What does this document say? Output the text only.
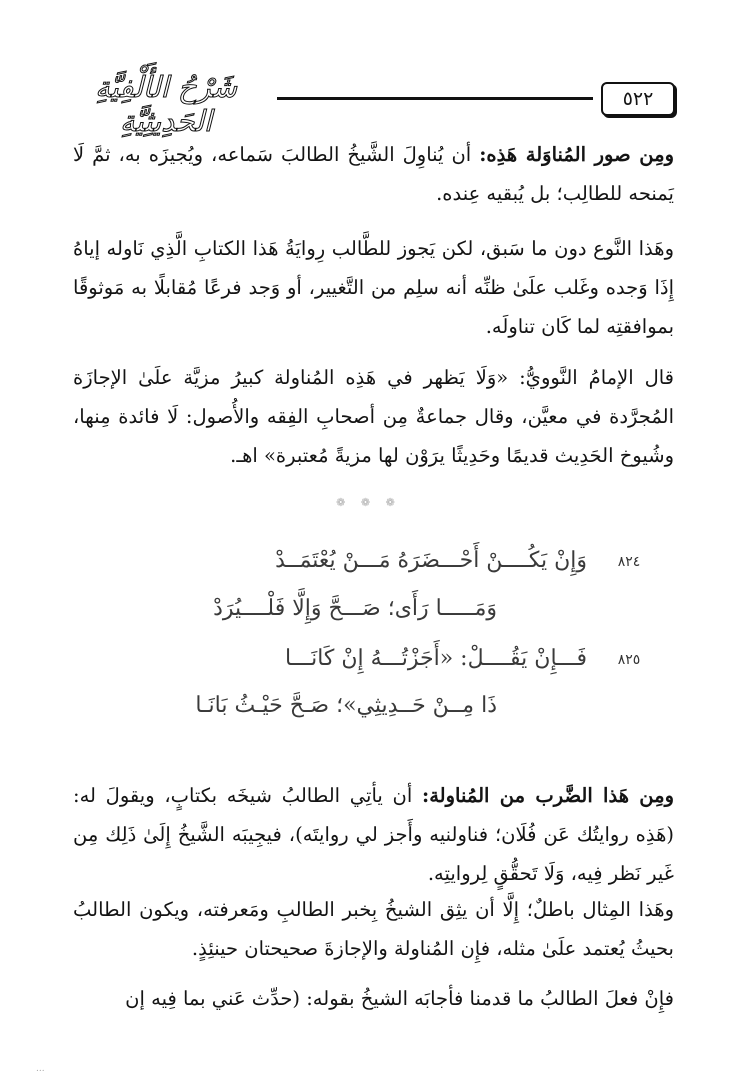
٥٢٢
شَرْحُ الأَلْفِيَّةِ الحَدِيثِيَّةِ

ومِن صور المُناوَلة هَذِه: أن يُناوِلَ الشَّيخُ الطالبَ سَماعه، ويُجيزَه به، ثمَّ لَا يَمنحه للطالِب؛ بل يُبقيه عِنده.

وهَذا النَّوع دون ما سَبق، لكن يَجوز للطَّالب رِوايَةُ هَذا الكتابِ الَّذِي نَاوله إياهُ إِذَا وَجده وغَلب علَىٰ ظنِّه أنه سلِم من التَّغيير، أو وَجد فرعًا مُقابلًا به مَوثوقًا بموافقتِه لما كَان تناولَه.

قال الإمامُ النَّوويُّ: «وَلَا يَظهر في هَذِه المُناولة كبيرُ مزيَّة علَىٰ الإجازَة المُجرَّدة في معيَّن، وقال جماعةٌ مِن أصحابِ الفِقه والأُصول: لَا فائدة مِنها، وشُيوخ الحَدِيث قديمًا وحَدِيثًا يرَوْن لها مزيةً مُعتبرة» اهـ.

❁ ❁ ❁
٨٢٤
وَإِنْ يَكُــــنْ أَحْـــضَرَهُ مَـــنْ يُعْتَمَــدْ
وَمَـــــا رَأَى؛ صَـــحَّ وَإِلَّا فَلْــــيُرَدْ
٨٢٥
فَـــإِنْ يَقُــــلْ: «أَجَزْتُـــهُ إِنْ كَانَـــا
ذَا مِــنْ حَــدِيثِي»؛ صَـحَّ حَيْـثُ بَانَـا

ومِن هَذا الضَّرب من المُناولة: أن يأتِي الطالبُ شيخَه بكتابٍ، ويقولَ له: (هَذِه روايتُك عَن فُلَان؛ فناولنيه وأَجز لي روايتَه)، فيجِيبَه الشَّيخُ إِلَىٰ ذَلِك مِن غَير نَظر فِيه، وَلَا تَحقُّقٍ لِروايتِه.

وهَذا المِثال باطلٌ؛ إِلَّا أن يثِق الشيخُ بِخبر الطالبِ ومَعرفته، ويكون الطالبُ بحيثُ يُعتمد علَىٰ مثله، فإِن المُناولة والإجازةَ صحيحتان حينئِذٍ.

فإِنْ فعلَ الطالبُ ما قدمنا فأجابَه الشيخُ بقوله: (حدِّث عَني بما فِيه إن

...
